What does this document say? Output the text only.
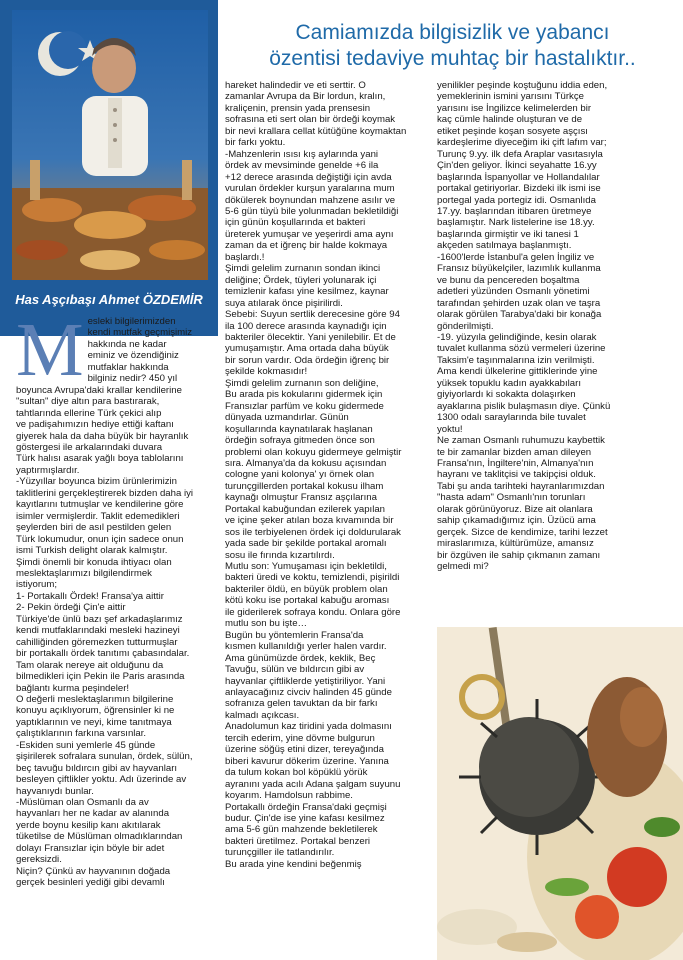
Has Aşçıbaşı Ahmet ÖZDEMİR
Camiamızda bilgisizlik ve yabancı
özentisi tedaviye muhtaç bir hastalıktır..
Mesleki bilgilerimizden
kendi mutfak geçmişimiz
hakkında ne kadar
eminiz ve özendiğiniz
mutfaklar hakkında
bilginiz nedir? 450 yıl
boyunca Avrupa'daki krallar kendilerine
"sultan" diye altın para bastırarak,
tahtlarında ellerine Türk çekici alıp
ve padişahımızın hediye ettiği kaftanı
giyerek hala da daha büyük bir hayranlık
göstergesi ile arkalarındaki duvara
Türk halısı asarak yağlı boya tablolarını
yaptırmışlardır.
-Yüzyıllar boyunca bizim ürünlerimizin
taklitlerini gerçekleştirerek bizden daha iyi
kayıtlarını tutmuşlar ve kendilerine göre
isimler vermişlerdir. Taklit edemedikleri
şeylerden biri de asıl pestilden gelen
Türk lokumudur, onun için sadece onun
ismi Turkish delight olarak kalmıştır.
Şimdi önemli bir konuda ihtiyacı olan
meslektaşlarımızı bilgilendirmek
istiyorum;
1- Portakallı Ördek! Fransa'ya aittir
2- Pekin ördeği Çin'e aittir
Türkiye'de ünlü bazı şef arkadaşlarımız
kendi mutfaklarındaki mesleki hazineyi
cahilliğinden göremezken tutturmuşlar
bir portakallı ördek tanıtımı çabasındalar.
Tam olarak nereye ait olduğunu da
bilmedikleri için Pekin ile Paris arasında
bağlantı kurma peşindeler!
O değerli meslektaşlarımın bilgilerine
konuyu açıklıyorum, öğrensinler ki ne
yaptıklarının ve neyi, kime tanıtmaya
çalıştıklarının farkına varsınlar.
-Eskiden suni yemlerle 45 günde
şişirilerek sofralara sunulan, ördek, sülün,
beç tavuğu bıldırcın gibi av hayvanları
besleyen çiftlikler yoktu. Adı üzerinde av
hayvanıydı bunlar.
-Müslüman olan Osmanlı da av
hayvanları her ne kadar av alanında
yerde boynu kesilip kanı akıtılarak
tüketilse de Müslüman olmadıklarından
dolayı Fransızlar için böyle bir adet
gereksizdi.
Niçin? Çünkü av hayvanının doğada
gerçek besinleri yediği gibi devamlı
hareket halindedir ve eti serttir. O
zamanlar Avrupa da Bir lordun, kralın,
kraliçenin, prensin yada prensesin
sofrasına eti sert olan bir ördeği koymak
bir nevi krallara cellat kütüğüne koymaktan
bir farkı yoktu.
-Mahzenlerin ısısı kış aylarında yani
ördek av mevsiminde genelde +6 ila
+12 derece arasında değiştiği için avda
vurulan ördekler kurşun yaralarına mum
dökülerek boynundan mahzene asılır ve
5-6 gün tüyü bile yolunmadan bekletildiği
için günün koşullarında et bakteri
üreterek yumuşar ve yeşerirdi ama aynı
zaman da et iğrenç bir halde kokmaya
başlardı.!
Şimdi gelelim zurnanın sondan ikinci
deliğine; Ördek, tüyleri yolunarak içi
temizlenir kafası yine kesilmez, kaynar
suya atılarak önce pişirilirdi.
Sebebi: Suyun sertlik derecesine göre 94
ila 100 derece arasında kaynadığı için
bakteriler ölecektir. Yani yenilebilir. Et de
yumuşamıştır. Ama ortada daha büyük
bir sorun vardır. Oda ördeğin iğrenç bir
şekilde kokmasıdır!
Şimdi gelelim zurnanın son deliğine,
Bu arada pis kokularını gidermek için
Fransızlar parfüm ve koku gidermede
dünyada uzmandırlar. Günün
koşullarında kaynatılarak haşlanan
ördeğin sofraya gitmeden önce son
problemi olan kokuyu gidermeye gelmiştir
sıra. Almanya'da da kokusu açısından
cologne yani kolonya' yı örnek olan
turunçgillerden portakal kokusu ilham
kaynağı olmuştur Fransız aşçılarına
Portakal kabuğundan ezilerek yapılan
ve içine şeker atılan boza kıvamında bir
sos ile terbiyelenen ördek içi doldurularak
yada sade bir şekilde portakal aromalı
sosu ile fırında kızartılırdı.
Mutlu son: Yumuşaması için bekletildi,
bakteri üredi ve koktu, temizlendi, pişirildi
bakteriler öldü, en büyük problem olan
kötü koku ise portakal kabuğu aroması
ile giderilerek sofraya kondu. Onlara göre
mutlu son bu işte…
Bugün bu yöntemlerin Fransa'da
kısmen kullanıldığı yerler halen vardır.
Ama günümüzde ördek, keklik, Beç
Tavuğu, sülün ve bıldırcın gibi av
hayvanlar çiftliklerde yetiştiriliyor. Yani
anlayacağınız civciv halinden 45 günde
sofranıza gelen tavuktan da bir farkı
kalmadı açıkcası.
Anadolumun kaz tiridini yada dolmasını
tercih ederim, yine dövme bulgurun
üzerine söğüş etini dizer, tereyağında
biberi kavurur dökerim üzerine. Yanına
da tulum kokan bol köpüklü yörük
ayranını yada acılı Adana şalgam suyunu
koyarım. Hamdolsun rabbime.
Portakallı ördeğin Fransa'daki geçmişi
budur. Çin'de ise yine kafası kesilmez
ama 5-6 gün mahzende bekletilerek
bakteri üretilmez. Portakal benzeri
turunçgiller ile tatlandırılır.
Bu arada yine kendini beğenmiş
yenilikler peşinde koştuğunu iddia eden,
yemeklerinin ismini yarısını Türkçe
yarısını ise İngilizce kelimelerden bir
kaç cümle halinde oluşturan ve de
etiket peşinde koşan sosyete aşçısı
kardeşlerime diyeceğim iki çift lafım var;
Turunç 9.yy. ilk defa Araplar vasıtasıyla
Çin'den geliyor. İkinci seyahatte 16.yy
başlarında İspanyollar ve Hollandalılar
portakal getiriyorlar. Bizdeki ilk ismi ise
portegal yada portegiz idi. Osmanlıda
17.yy. başlarından itibaren üretmeye
başlamıştır. Nark listelerine ise 18.yy.
başlarında girmiştir ve iki tanesi 1
akçeden satılmaya başlanmıştı.
-1600'lerde İstanbul'a gelen İngiliz ve
Fransız büyükelçiler, lazımlık kullanma
ve bunu da pencereden boşaltma
adetleri yüzünden Osmanlı yönetimi
tarafından şehirden uzak olan ve taşra
olarak görülen Tarabya'daki bir konağa
gönderilmişti.
-19. yüzyıla gelindiğinde, kesin olarak
tuvalet kullanma sözü vermeleri üzerine
Taksim'e taşınmalarına izin verilmişti.
Ama kendi ülkelerine gittiklerinde yine
yüksek topuklu kadın ayakkabıları
giyiyorlardı ki sokakta dolaşırken
ayaklarına pislik bulaşmasın diye. Çünkü
1300 odalı saraylarında bile tuvalet
yoktu!
Ne zaman Osmanlı ruhumuzu kaybettik
te bir zamanlar bizden aman dileyen
Fransa'nın, İngiltere'nin, Almanya'nın
hayranı ve taklitçisi ve takipçisi olduk.
Tabi şu anda tarihteki hayranlarımızdan
"hasta adam" Osmanlı'nın torunları
olarak görünüyoruz. Bize ait olanlara
sahip çıkamadığımız için. Üzücü ama
gerçek. Sizce de kendimize, tarihi lezzet
miraslarımıza, kültürümüze, amansız
bir özgüven ile sahip çıkmanın zamanı
gelmedi mi?
